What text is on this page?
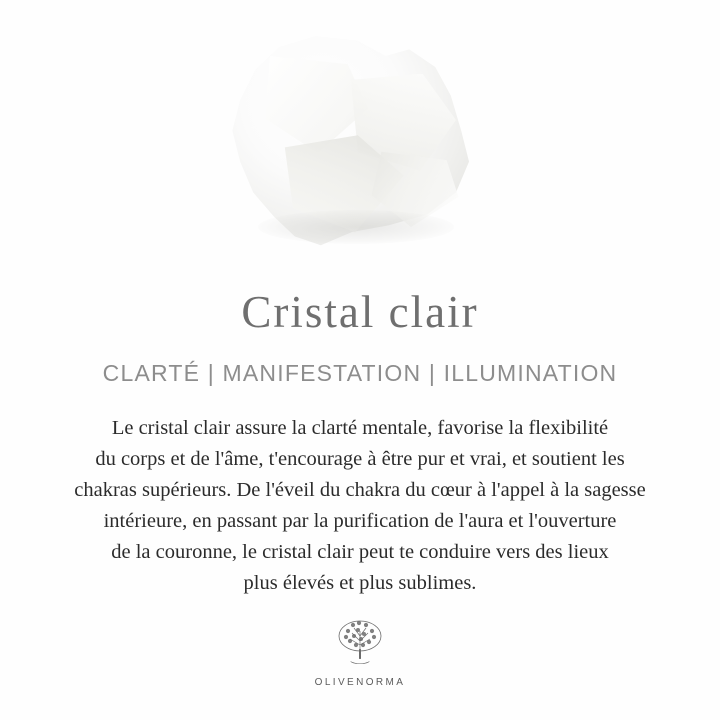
Cristal clair
CLARTÉ | MANIFESTATION | ILLUMINATION
Le cristal clair assure la clarté mentale, favorise la flexibilité
du corps et de l'âme, t'encourage à être pur et vrai, et soutient les
chakras supérieurs. De l'éveil du chakra du cœur à l'appel à la sagesse
intérieure, en passant par la purification de l'aura et l'ouverture
de la couronne, le cristal clair peut te conduire vers des lieux
plus élevés et plus sublimes.
OLIVENORMA
